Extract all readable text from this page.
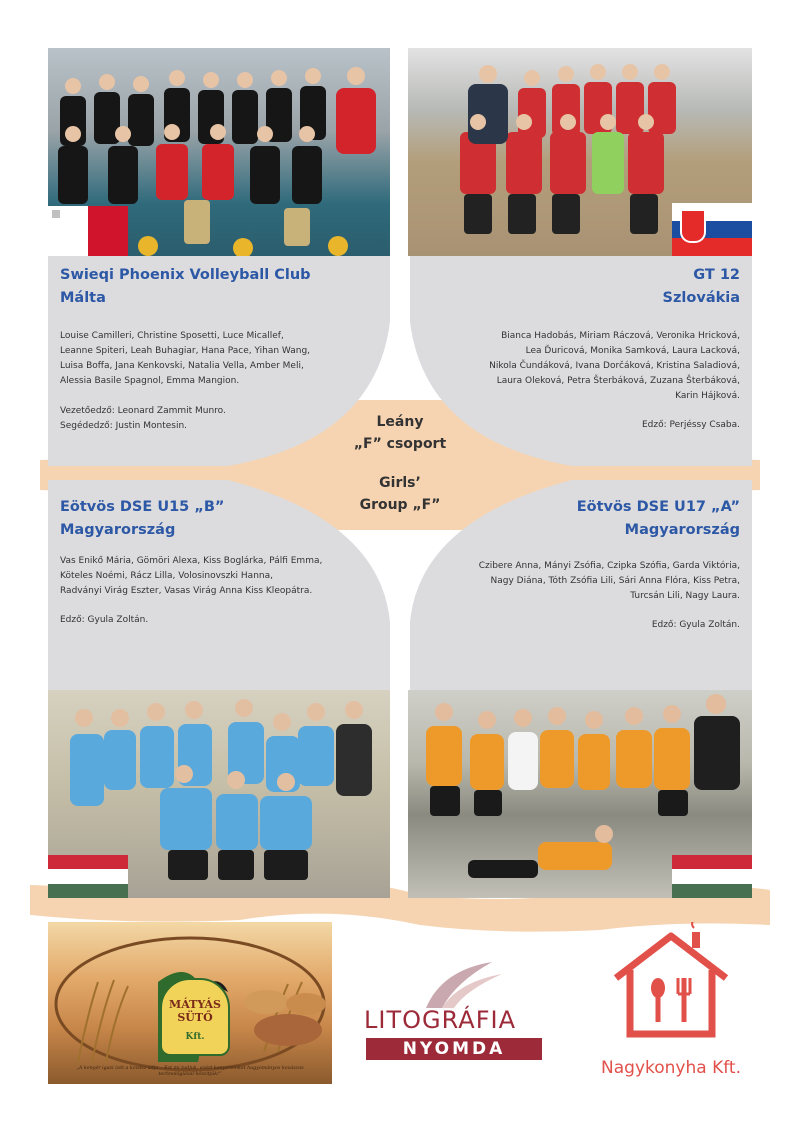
Swieqi Phoenix Volleyball Club
Málta
Louise Camilleri, Christine Sposetti, Luce Micallef,
Leanne Spiteri, Leah Buhagiar, Hana Pace, Yihan Wang,
Luisa Boffa, Jana Kenkovski, Natalia Vella, Amber Meli,
Alessia Basile Spagnol, Emma Mangion.
Vezetőedző: Leonard Zammit Munro.
Segédedző: Justin Montesin.
GT 12
Szlovákia
Bianca Hadobás, Miriam Ráczová, Veronika Hricková,
Lea Ďuricová, Monika Samková, Laura Lacková,
Nikola Čundáková, Ivana Dorčáková, Kristina Saladiová,
Laura Oleková, Petra Šterbáková, Zuzana Šterbáková,
Karin Hájková.
Edző: Perjéssy Csaba.
Leány
„F” csoport
Girls’
Group „F”
Eötvös DSE U15 „B”
Magyarország
Vas Enikő Mária, Gömöri Alexa, Kiss Boglárka, Pálfi Emma,
Köteles Noémi, Rácz Lilla, Volosinovszki Hanna,
Radványi Virág Eszter, Vasas Virág Anna Kiss Kleopátra.
Edző: Gyula Zoltán.
Eötvös DSE U17 „A”
Magyarország
Czibere Anna, Mányi Zsófia, Czipka Szófia, Garda Viktória,
Nagy Diána, Tóth Zsófia Lili, Sári Anna Flóra, Kiss Petra,
Turcsán Lili, Nagy Laura.
Edző: Gyula Zoltán.
MÁTYÁS
SÜTŐ
Kft.
„A kenyér igazi ízét a kovász adja... Ezt mi tudjuk, ezért kenyereinket hagyományos kovászos technológiával készítjük!”
LITOGRÁFIA
NYOMDA
Nagykonyha Kft.
